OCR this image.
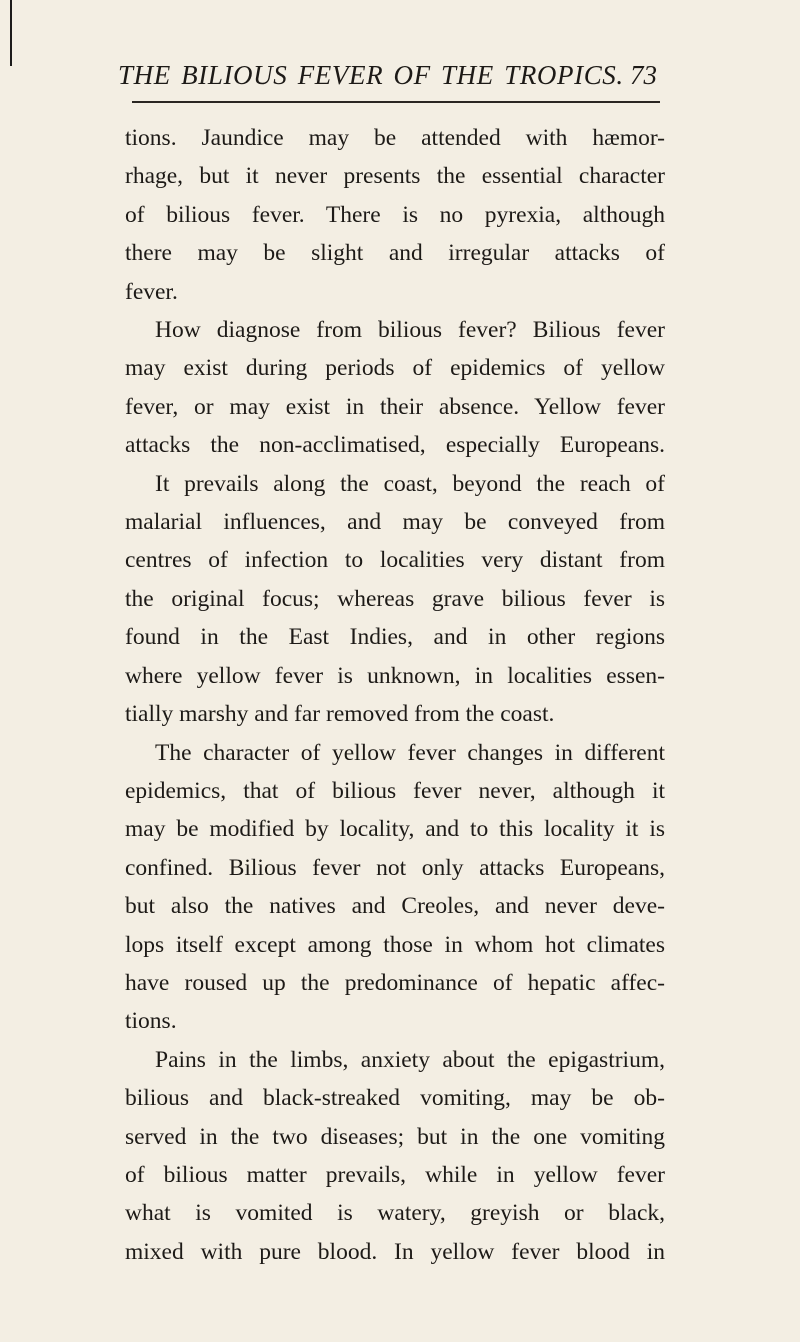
THE BILIOUS FEVER OF THE TROPICS. 73
tions. Jaundice may be attended with hæmor-
rhage, but it never presents the essential character
of bilious fever. There is no pyrexia, although
there may be slight and irregular attacks of
fever.
How diagnose from bilious fever? Bilious fever
may exist during periods of epidemics of yellow
fever, or may exist in their absence. Yellow fever
attacks the non-acclimatised, especially Europeans.
It prevails along the coast, beyond the reach of
malarial influences, and may be conveyed from
centres of infection to localities very distant from
the original focus; whereas grave bilious fever is
found in the East Indies, and in other regions
where yellow fever is unknown, in localities essen-
tially marshy and far removed from the coast.
The character of yellow fever changes in different
epidemics, that of bilious fever never, although it
may be modified by locality, and to this locality it is
confined. Bilious fever not only attacks Europeans,
but also the natives and Creoles, and never deve-
lops itself except among those in whom hot climates
have roused up the predominance of hepatic affec-
tions.
Pains in the limbs, anxiety about the epigastrium,
bilious and black-streaked vomiting, may be ob-
served in the two diseases; but in the one vomiting
of bilious matter prevails, while in yellow fever
what is vomited is watery, greyish or black,
mixed with pure blood. In yellow fever blood in
